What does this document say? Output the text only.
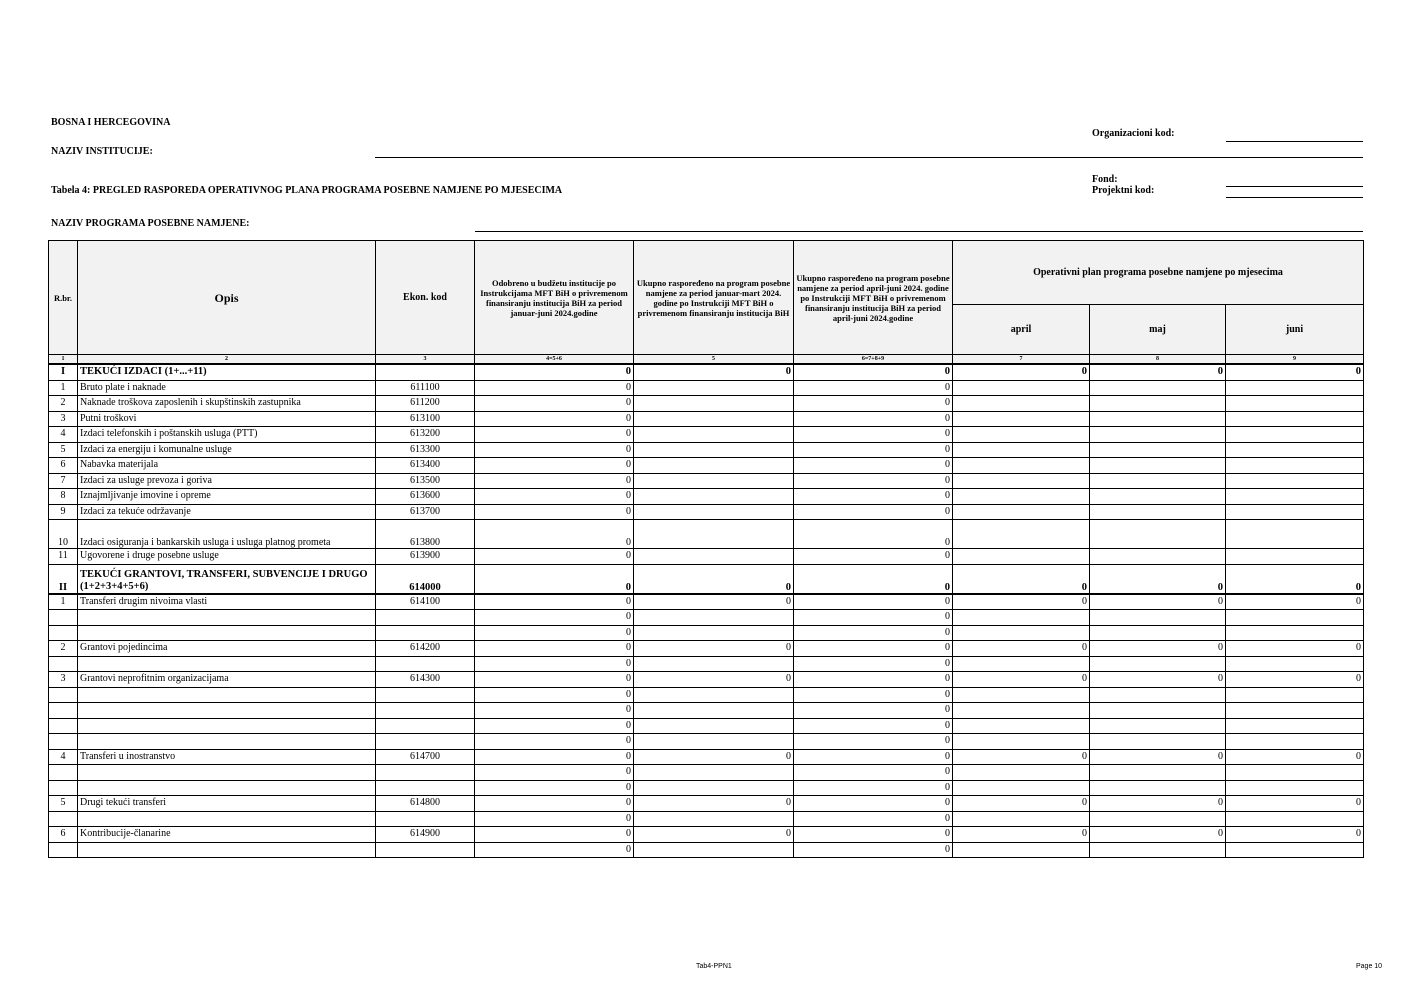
BOSNA I HERCEGOVINA
Organizacioni kod:
NAZIV INSTITUCIJE:
Fond:
Projektni kod:
Tabela 4: PREGLED RASPOREDA OPERATIVNOG PLANA PROGRAMA POSEBNE NAMJENE PO MJESECIMA
NAZIV PROGRAMA POSEBNE NAMJENE:
R.br.	Opis	Ekon. kod	Odobreno u budžetu institucije po Instrukcijama MFT BiH o privremenom finansiranju institucija BiH za period januar-juni 2024.godine	Ukupno raspoređeno na program posebne namjene za period januar-mart 2024. godine po Instrukciji MFT BiH o privremenom finansiranju institucija BiH	Ukupno raspoređeno na program posebne namjene za period april-juni 2024. godine po Instrukciji MFT BiH o privremenom finansiranju institucija BiH za period april-juni 2024.godine	Operativni plan programa posebne namjene po mjesecima		
						april	maj	juni
1	2	3	4=5+6	5	6=7+8+9	7	8	9
I	TEKUĆI IZDACI (1+...+11)		0	0	0	0	0	0
1	Bruto plate i naknade	611100	0		0			
2	Naknade troškova zaposlenih i skupštinskih zastupnika	611200	0		0			
3	Putni troškovi	613100	0		0			
4	Izdaci telefonskih i poštanskih usluga (PTT)	613200	0		0			
5	Izdaci za energiju i komunalne usluge	613300	0		0			
6	Nabavka materijala	613400	0		0			
7	Izdaci za usluge prevoza i goriva	613500	0		0			
8	Iznajmljivanje imovine i opreme	613600	0		0			
9	Izdaci za tekuće održavanje	613700	0		0			
10	Izdaci osiguranja i bankarskih usluga i usluga platnog prometa	613800	0		0			
11	Ugovorene i druge posebne usluge	613900	0		0			
II	TEKUĆI GRANTOVI, TRANSFERI, SUBVENCIJE I DRUGO (1+2+3+4+5+6)	614000	0	0	0	0	0	0
1	Transferi drugim nivoima vlasti	614100	0	0	0	0	0	0
			0		0			
			0		0			
2	Grantovi pojedincima	614200	0	0	0	0	0	0
			0		0			
3	Grantovi neprofitnim organizacijama	614300	0	0	0	0	0	0
			0		0			
			0		0			
			0		0			
			0		0			
4	Transferi u inostranstvo	614700	0	0	0	0	0	0
			0		0			
			0		0			
5	Drugi tekući transferi	614800	0	0	0	0	0	0
			0		0			
6	Kontribucije-članarine	614900	0	0	0	0	0	0
			0		0			
Tab4-PPN1	Page 10
